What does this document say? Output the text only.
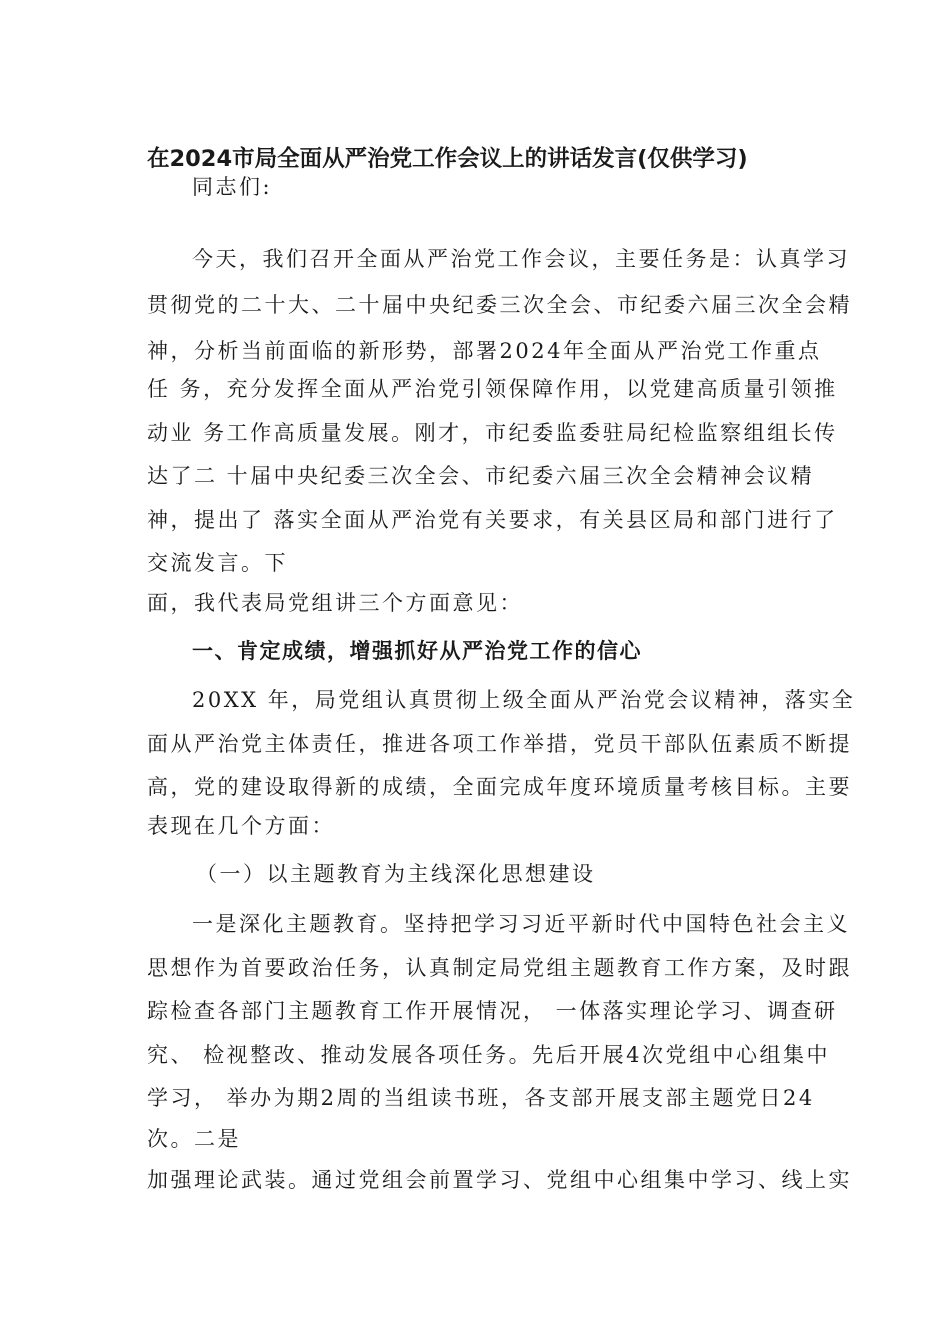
在2024市局全面从严治党工作会议上的讲话发言(仅供学习)
同志们:
今天，我们召开全面从严治党工作会议，主要任务是：认真学习
贯彻党的二十大、二十届中央纪委三次全会、市纪委六届三次全会精
神，分析当前面临的新形势，部署2024年全面从严治党工作重点
任 务，充分发挥全面从严治党引领保障作用，以党建高质量引领推
动业 务工作高质量发展。刚才，市纪委监委驻局纪检监察组组长传
达了二 十届中央纪委三次全会、市纪委六届三次全会精神会议精
神，提出了 落实全面从严治党有关要求，有关县区局和部门进行了
交流发言。下
面，我代表局党组讲三个方面意见：
一、肯定成绩，增强抓好从严治党工作的信心
20XX 年，局党组认真贯彻上级全面从严治党会议精神，落实全
面从严治党主体责任，推进各项工作举措，党员干部队伍素质不断提
高，党的建设取得新的成绩，全面完成年度环境质量考核目标。主要
表现在几个方面：
（一）以主题教育为主线深化思想建设
一是深化主题教育。坚持把学习习近平新时代中国特色社会主义
思想作为首要政治任务，认真制定局党组主题教育工作方案，及时跟
踪检查各部门主题教育工作开展情况， 一体落实理论学习、调查研
究、 检视整改、推动发展各项任务。先后开展4次党组中心组集中
学习， 举办为期2周的当组读书班，各支部开展支部主题党日24
次。二是
加强理论武装。通过党组会前置学习、党组中心组集中学习、线上实
